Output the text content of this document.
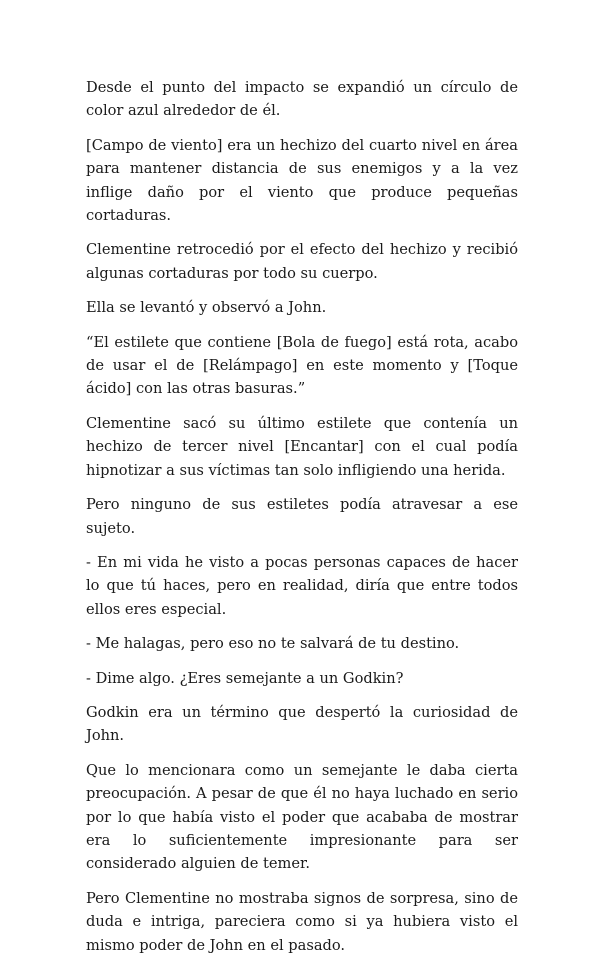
Desde el punto del impacto se expandió un círculo de color azul alrededor de él.

[Campo de viento] era un hechizo del cuarto nivel en área para mantener distancia de sus enemigos y a la vez inflige daño por el viento que produce pequeñas cortaduras.

Clementine retrocedió por el efecto del hechizo y recibió algunas cortaduras por todo su cuerpo.

Ella se levantó y observó a John.

“El estilete que contiene [Bola de fuego] está rota, acabo de usar el de [Relámpago] en este momento y [Toque ácido] con las otras basuras.”

Clementine sacó su último estilete que contenía un hechizo de tercer nivel [Encantar] con el cual podía hipnotizar a sus víctimas tan solo infligiendo una herida.

Pero ninguno de sus estiletes podía atravesar a ese sujeto.

- En mi vida he visto a pocas personas capaces de hacer lo que tú haces, pero en realidad, diría que entre todos ellos eres especial.

- Me halagas, pero eso no te salvará de tu destino.

- Dime algo. ¿Eres semejante a un Godkin?

Godkin era un término que despertó la curiosidad de John.

Que lo mencionara como un semejante le daba cierta preocupación. A pesar de que él no haya luchado en serio por lo que había visto el poder que acababa de mostrar era lo suficientemente impresionante para ser considerado alguien de temer.

Pero Clementine no mostraba signos de sorpresa, sino de duda e intriga, pareciera como si ya hubiera visto el mismo poder de John en el pasado.
